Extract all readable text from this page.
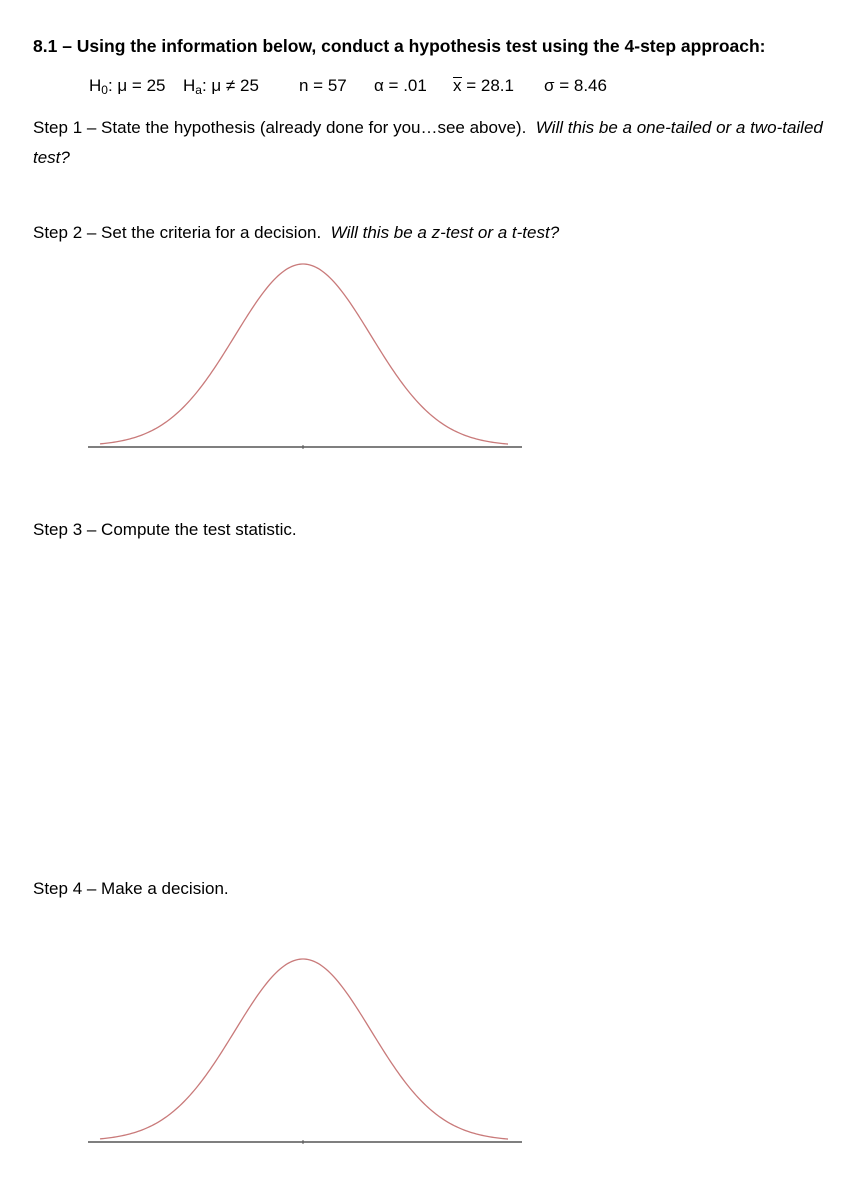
8.1 – Using the information below, conduct a hypothesis test using the 4-step approach:
$H_0$: μ = 25 $H_a$: μ ≠ 25 n = 57 α = .01 x = 28.1 σ = 8.46
Step 1 – State the hypothesis (already done for you…see above). Will this be a one-tailed or a two-tailed test?
Step 2 – Set the criteria for a decision. Will this be a z-test or a t-test?
Step 3 – Compute the test statistic.
Step 4 – Make a decision.
